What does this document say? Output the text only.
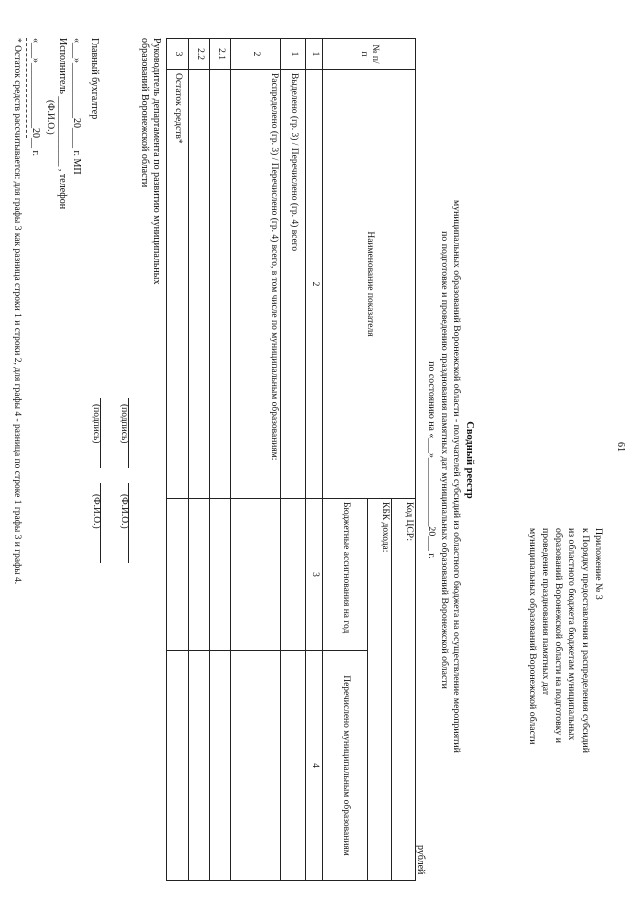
61
Приложение № 3
к Порядку предоставления и распределения субсидий
из областного бюджета бюджетам муниципальных
образований Воронежской области на подготовку и
проведение празднования памятных дат
муниципальных образований Воронежской области
Сводный реестр
муниципальных образований Воронежской области - получателей субсидий из областного бюджета на осуществление мероприятий
по подготовке и проведению празднования памятных дат муниципальных образований Воронежской области
по состоянию на «___»______________20___ г.
рублей
№ п/п	Наименование показателя	Код ЦСР:	
		КБК дохода:	
		Бюджетные ассигнования на год	Перечислено муниципальным образованиям
1	2	3	4
1	Выделено (гр. 3) / Перечислено (гр. 4) всего		
2	Распределено (гр. 3) / Перечислено (гр. 4) всего, в том числе по муниципальным образованиям:		
2.1			
2.2			
3	Остаток средств*		
Руководитель департамента по развитию муниципальных
образований Воронежской области
(подпись)
(Ф.И.О.)
Главный бухгалтер
(подпись)
(Ф.И.О.)
«___»___________20____ г. МП
Исполнитель ______________ , телефон
(Ф.И.О.)
«___»_____________20__ г.
* Остаток средств рассчитывается: для графы 3 как разница строки 1 и строки 2, для графы 4 - разница по строке 1 графы 3 и графы 4.
